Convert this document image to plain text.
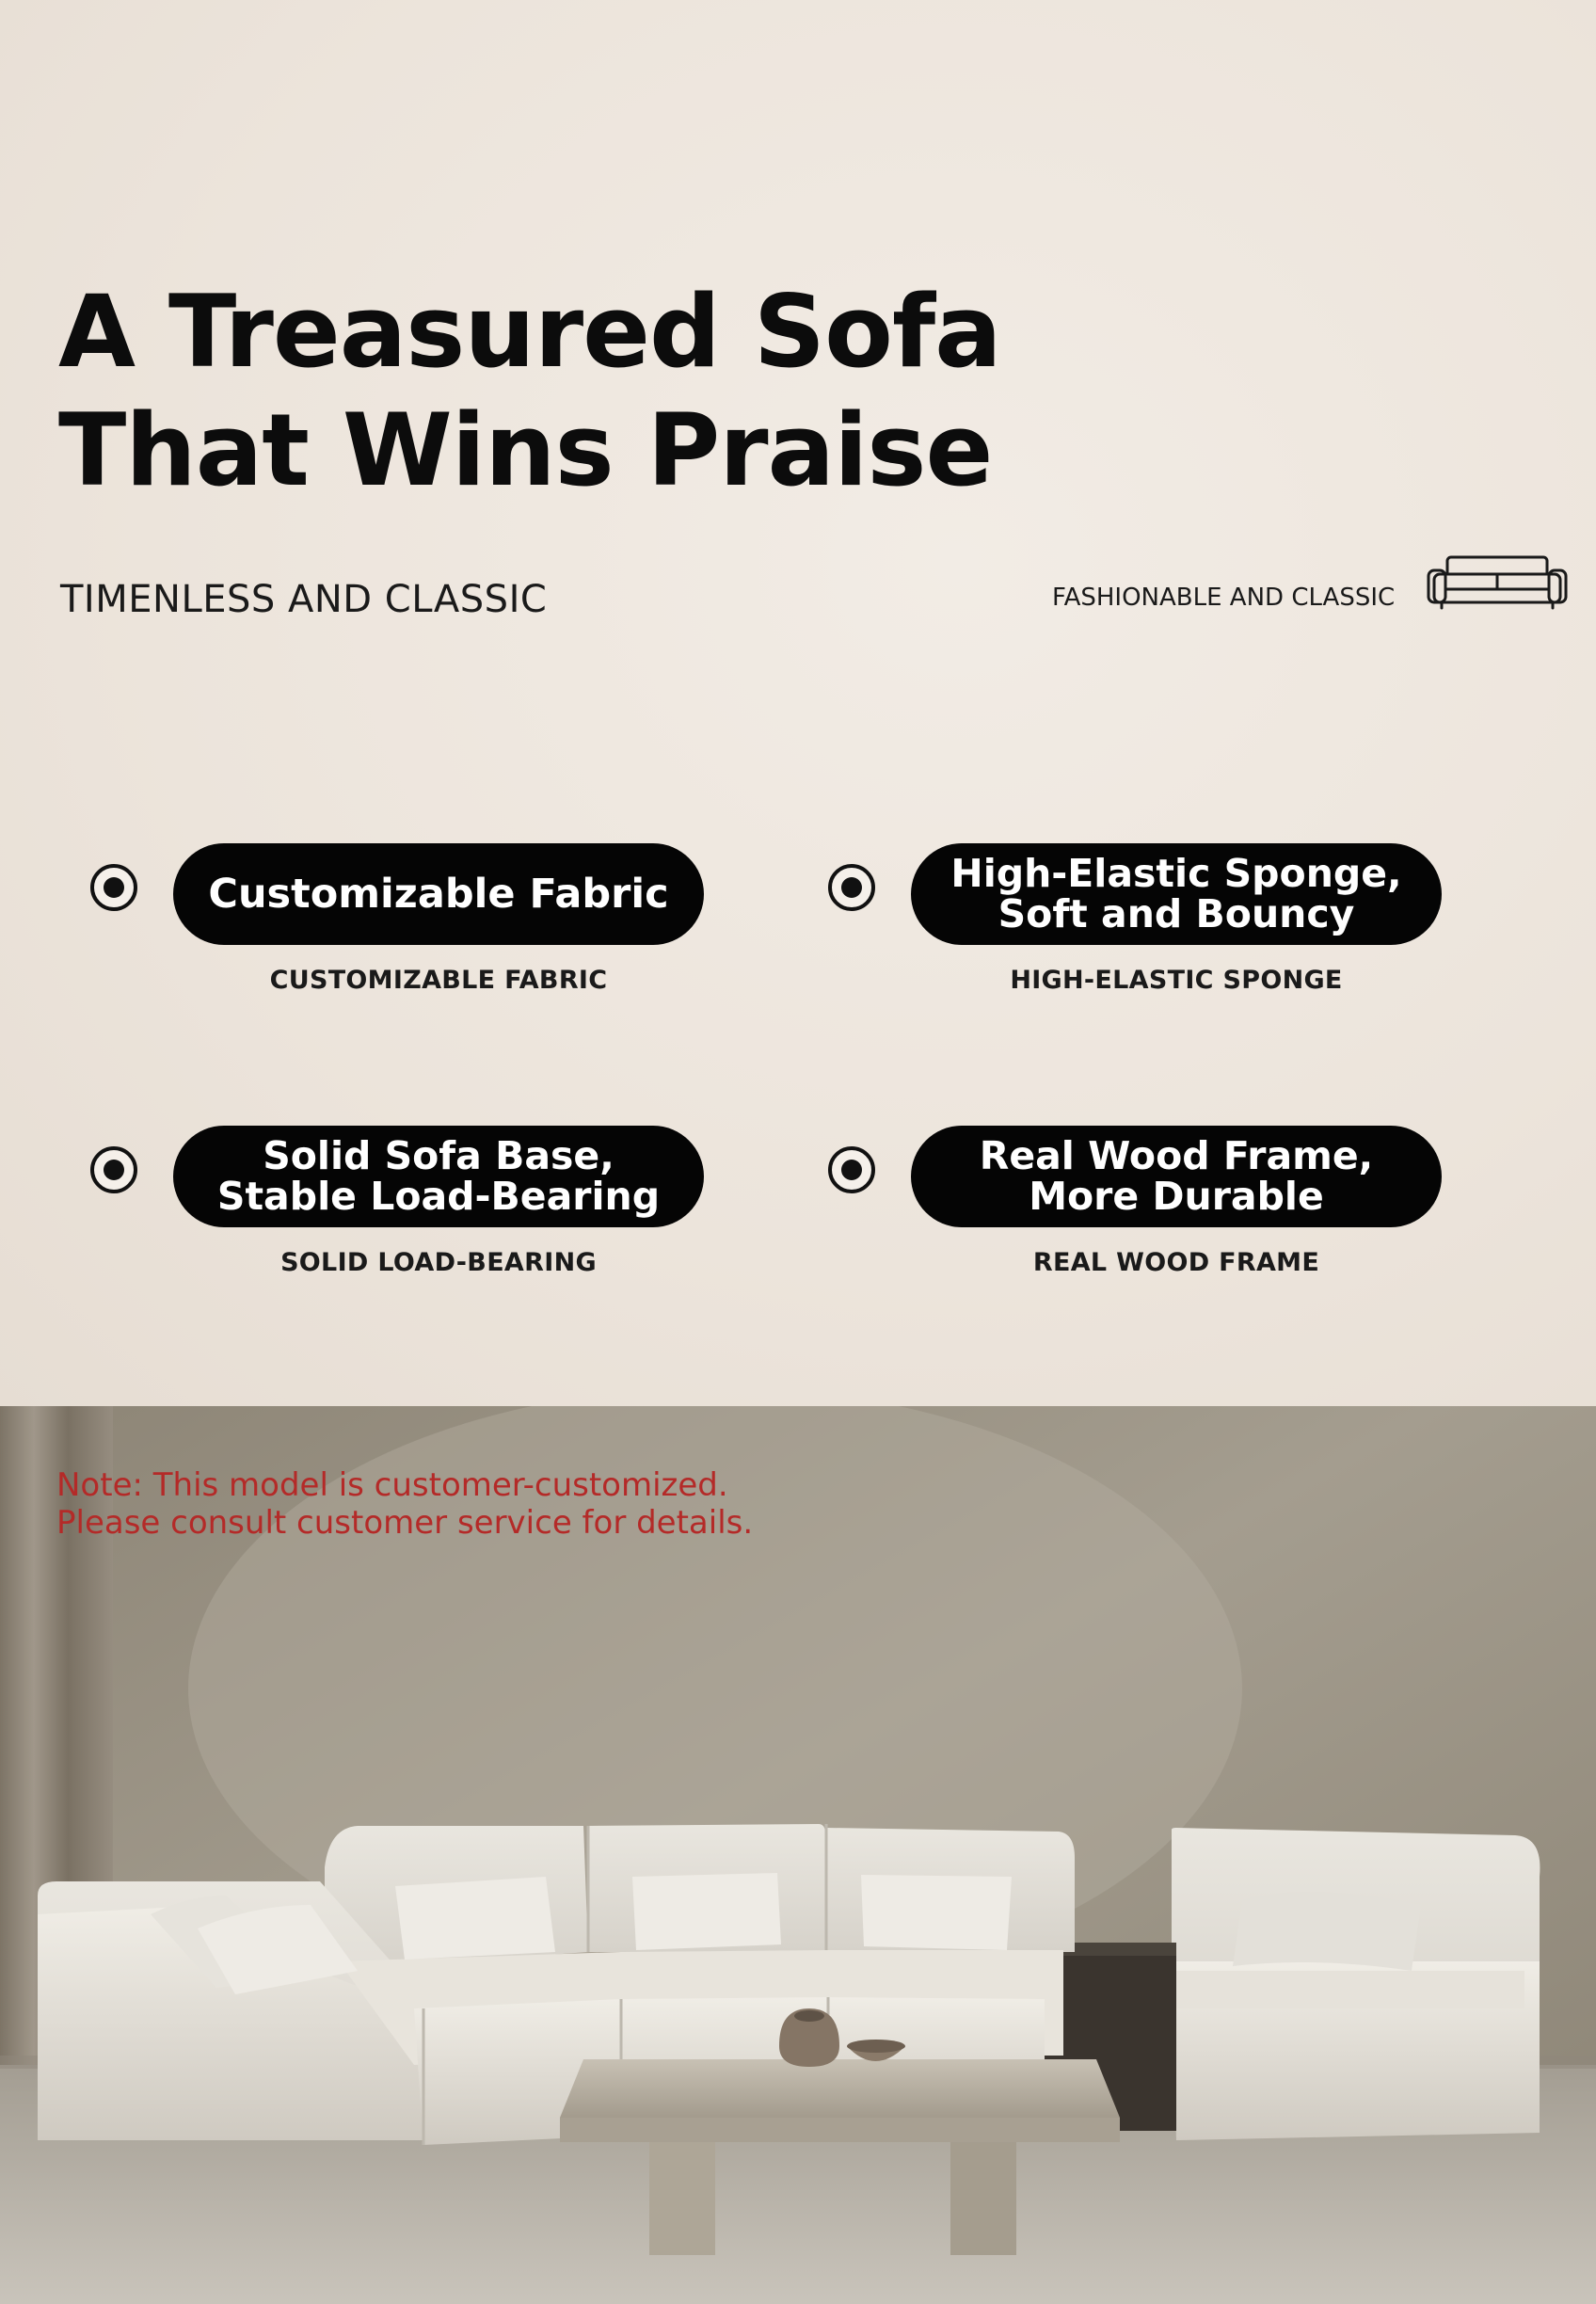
A Treasured Sofa
That Wins Praise
TIMENLESS AND CLASSIC	FASHIONABLE AND CLASSIC
Customizable Fabric
CUSTOMIZABLE FABRIC
High-Elastic Sponge,
Soft and Bouncy
HIGH-ELASTIC SPONGE
Solid Sofa Base,
Stable Load-Bearing
SOLID LOAD-BEARING
Real Wood Frame,
More Durable
REAL WOOD FRAME
Note: This model is customer-customized.
Please consult customer service for details.
